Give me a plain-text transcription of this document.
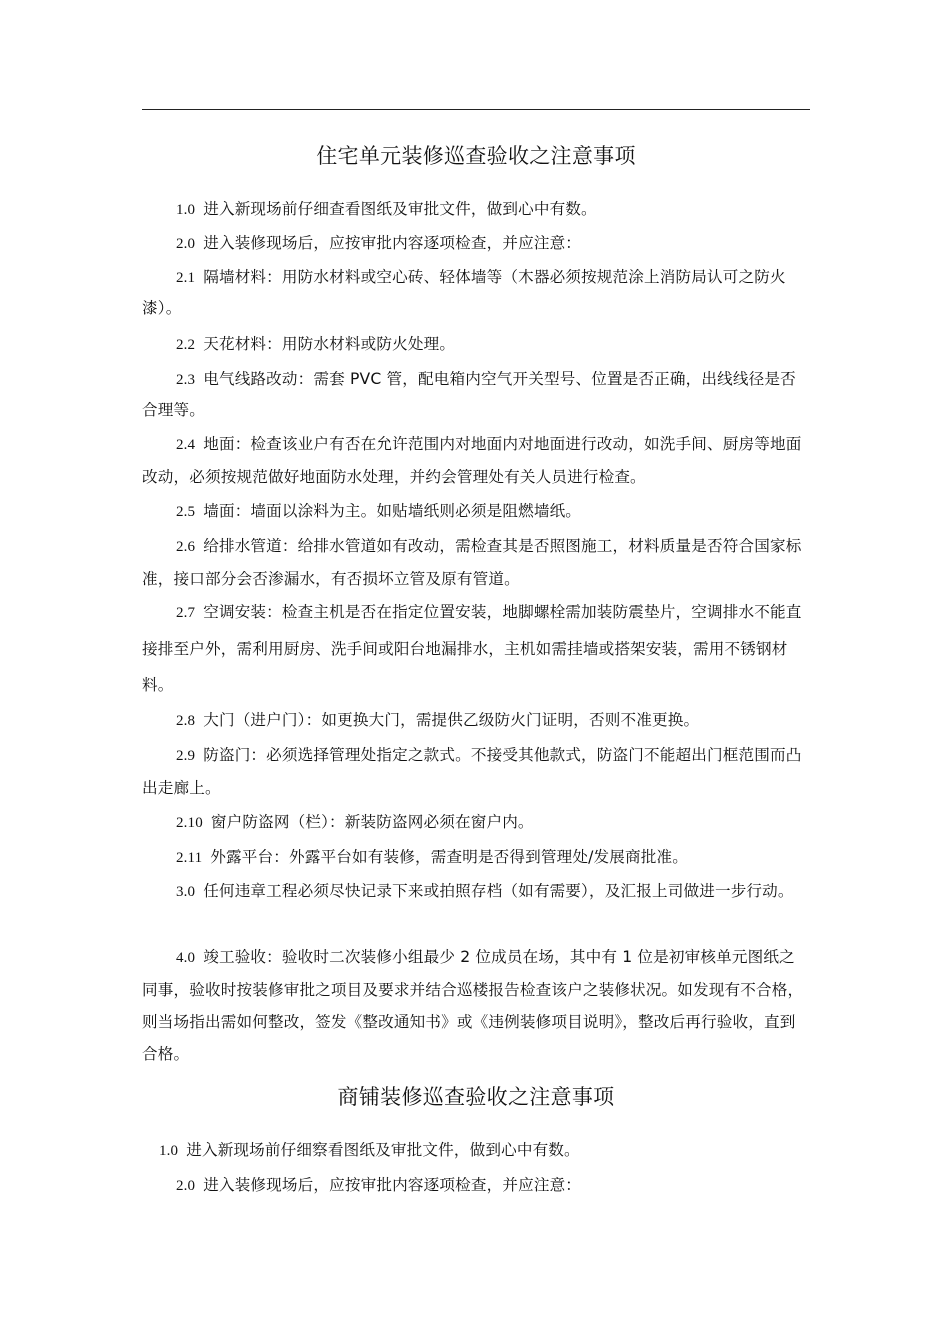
住宅单元装修巡查验收之注意事项

1.0 进入新现场前仔细查看图纸及审批文件，做到心中有数。

2.0 进入装修现场后，应按审批内容逐项检查，并应注意：

2.1 隔墙材料：用防水材料或空心砖、轻体墙等（木器必须按规范涂上消防局认可之防火漆）。

2.2 天花材料：用防水材料或防火处理。

2.3 电气线路改动：需套 PVC 管，配电箱内空气开关型号、位置是否正确，出线线径是否合理等。

2.4 地面：检查该业户有否在允许范围内对地面内对地面进行改动，如洗手间、厨房等地面改动，必须按规范做好地面防水处理，并约会管理处有关人员进行检查。

2.5 墙面：墙面以涂料为主。如贴墙纸则必须是阻燃墙纸。

2.6 给排水管道：给排水管道如有改动，需检查其是否照图施工，材料质量是否符合国家标准，接口部分会否渗漏水，有否损坏立管及原有管道。

2.7 空调安装：检查主机是否在指定位置安装，地脚螺栓需加装防震垫片，空调排水不能直接排至户外，需利用厨房、洗手间或阳台地漏排水，主机如需挂墙或搭架安装，需用不锈钢材料。

2.8 大门（进户门）：如更换大门，需提供乙级防火门证明，否则不准更换。

2.9 防盗门：必须选择管理处指定之款式。不接受其他款式，防盗门不能超出门框范围而凸出走廊上。

2.10 窗户防盗网（栏）：新装防盗网必须在窗户内。

2.11 外露平台：外露平台如有装修，需查明是否得到管理处/发展商批准。

3.0 任何违章工程必须尽快记录下来或拍照存档（如有需要），及汇报上司做进一步行动。

4.0 竣工验收：验收时二次装修小组最少 2 位成员在场，其中有 1 位是初审核单元图纸之同事，验收时按装修审批之项目及要求并结合巡楼报告检查该户之装修状况。如发现有不合格，则当场指出需如何整改，签发《整改通知书》或《违例装修项目说明》，整改后再行验收，直到合格。

商铺装修巡查验收之注意事项

1.0 进入新现场前仔细察看图纸及审批文件，做到心中有数。

2.0 进入装修现场后，应按审批内容逐项检查，并应注意：
